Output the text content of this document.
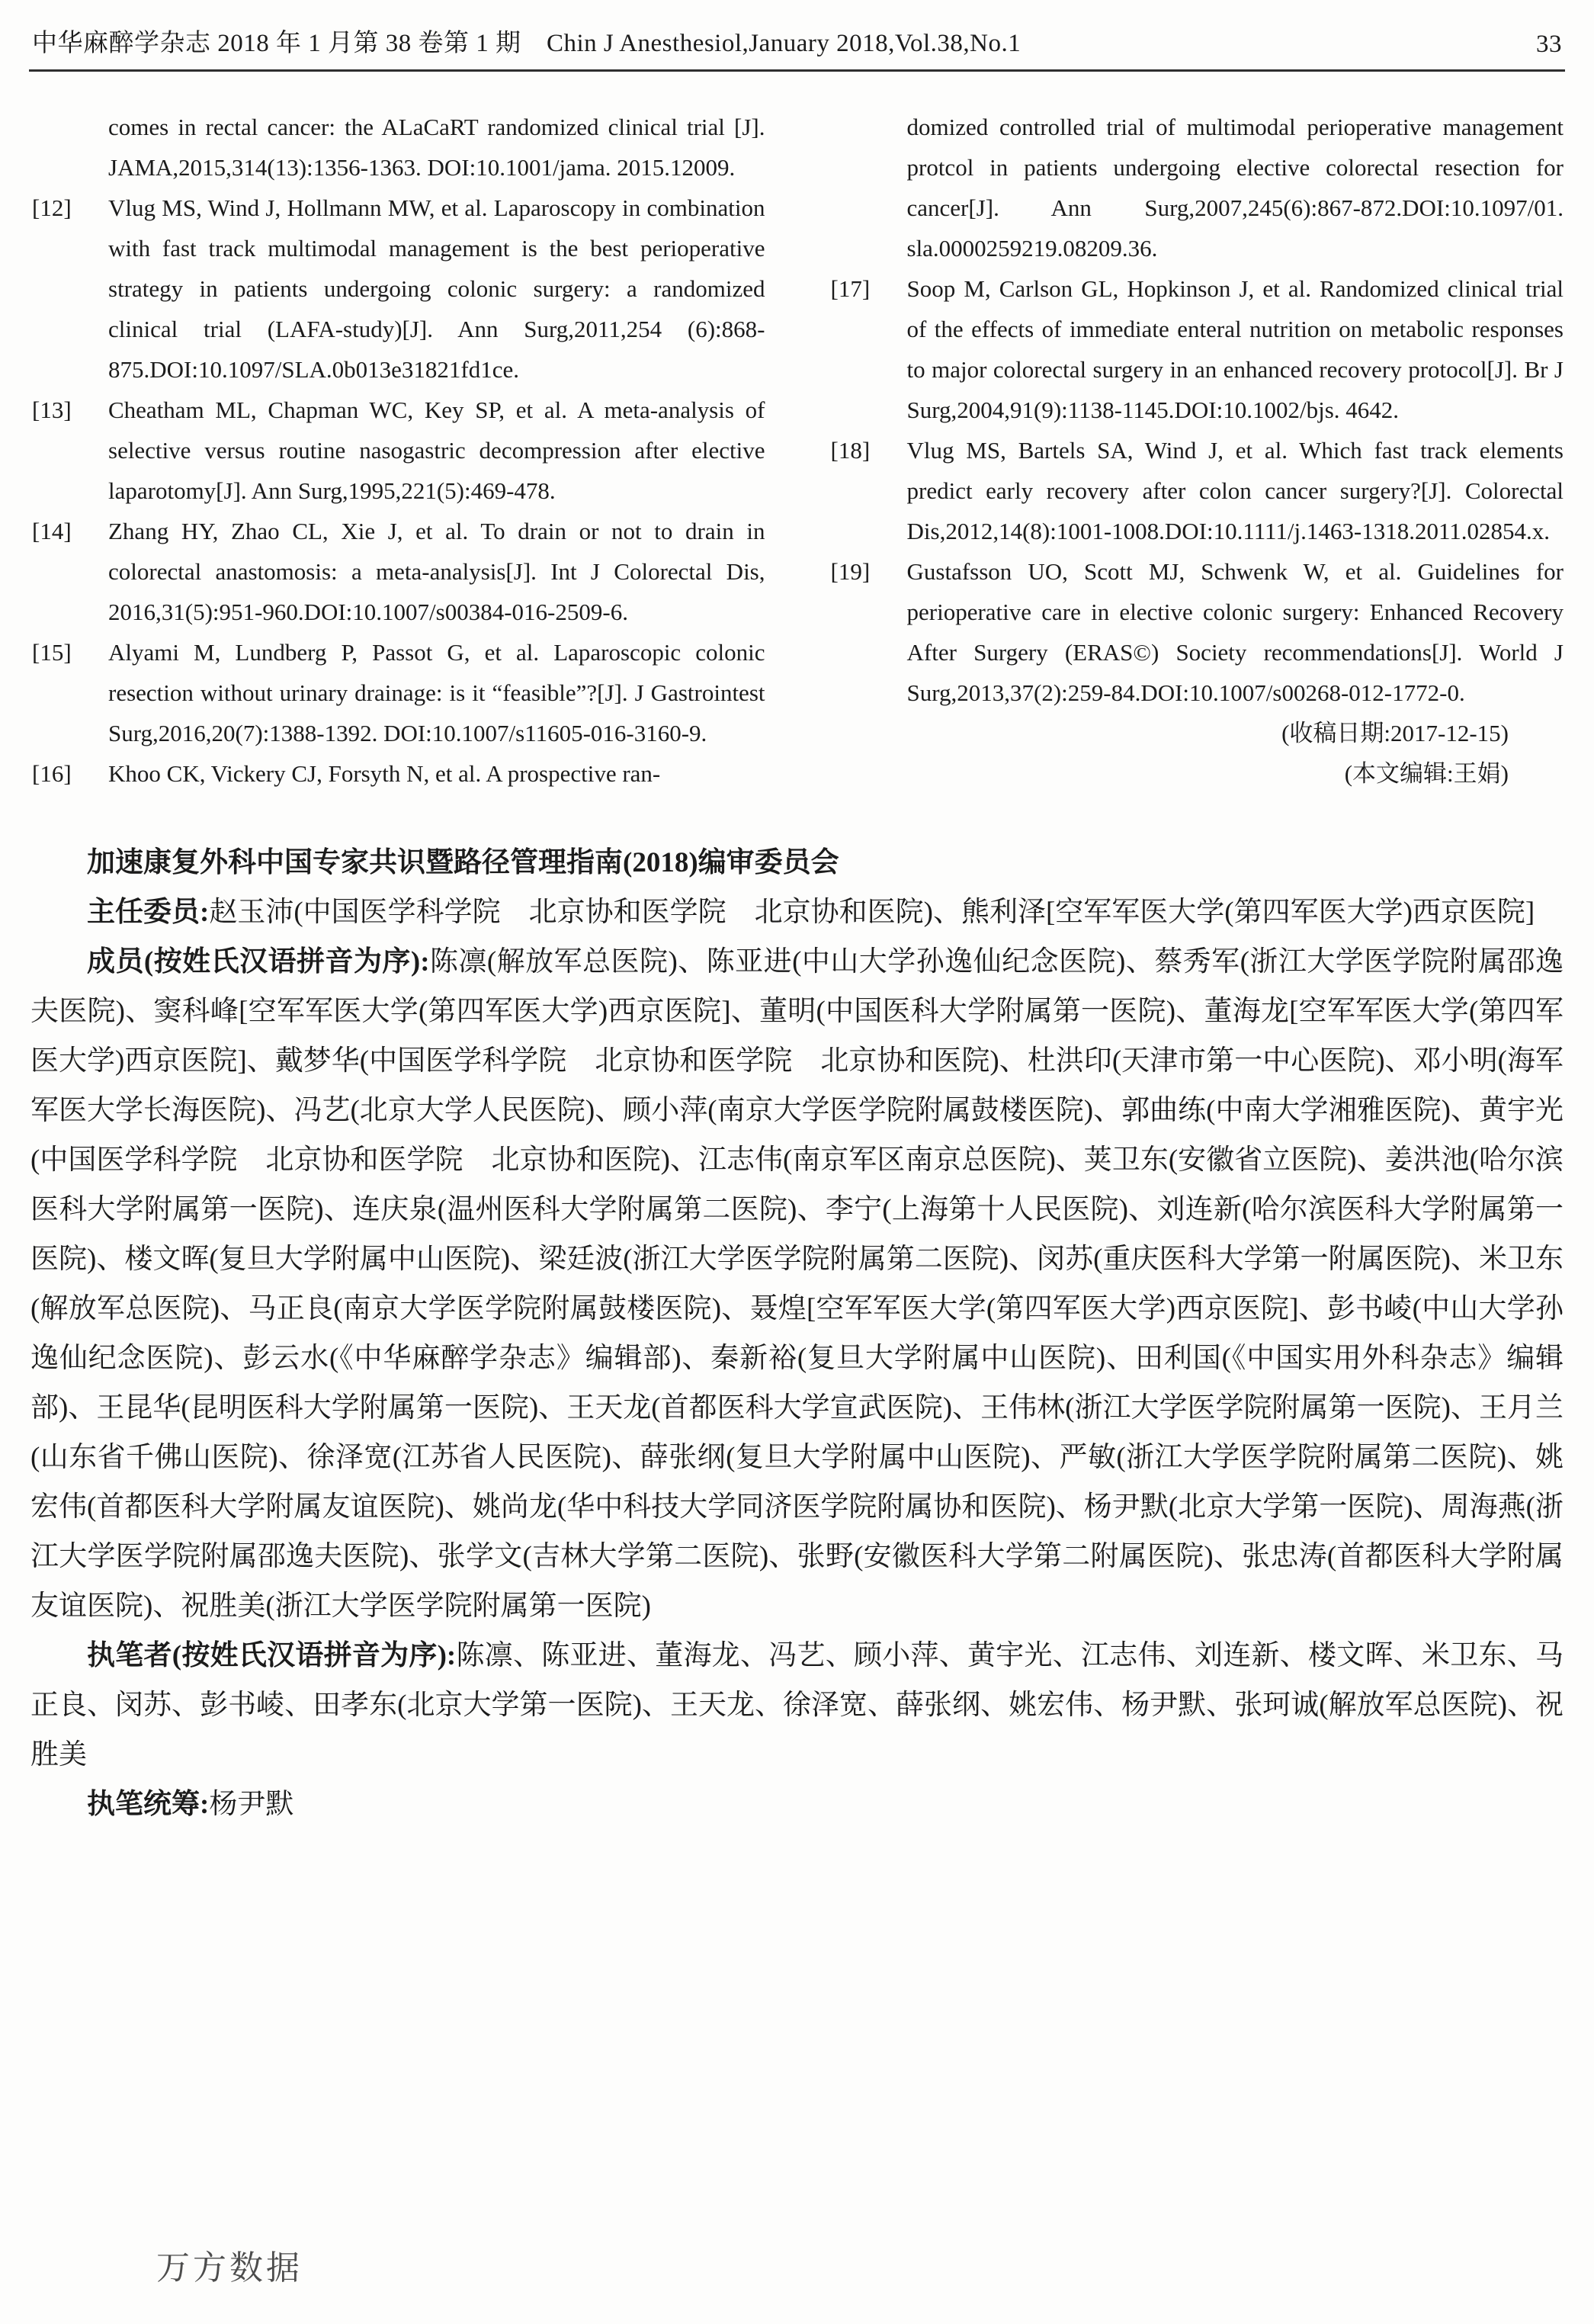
中华麻醉学杂志 2018 年 1 月第 38 卷第 1 期　Chin J Anesthesiol,January 2018,Vol.38,No.1	33
comes in rectal cancer: the ALaCaRT randomized clinical trial [J]. JAMA,2015,314(13):1356-1363. DOI:10.1001/jama. 2015.12009.
[12]	Vlug MS, Wind J, Hollmann MW, et al. Laparoscopy in combination with fast track multimodal management is the best perioperative strategy in patients undergoing colonic surgery: a randomized clinical trial (LAFA-study)[J]. Ann Surg,2011,254 (6):868-875.DOI:10.1097/SLA.0b013e31821fd1ce.
[13]	Cheatham ML, Chapman WC, Key SP, et al. A meta-analysis of selective versus routine nasogastric decompression after elective laparotomy[J]. Ann Surg,1995,221(5):469-478.
[14]	Zhang HY, Zhao CL, Xie J, et al. To drain or not to drain in colorectal anastomosis: a meta-analysis[J]. Int J Colorectal Dis, 2016,31(5):951-960.DOI:10.1007/s00384-016-2509-6.
[15]	Alyami M, Lundberg P, Passot G, et al. Laparoscopic colonic resection without urinary drainage: is it “feasible”?[J]. J Gastrointest Surg,2016,20(7):1388-1392. DOI:10.1007/s11605-016-3160-9.
[16]	Khoo CK, Vickery CJ, Forsyth N, et al. A prospective ran-
domized controlled trial of multimodal perioperative management protcol in patients undergoing elective colorectal resection for cancer[J]. Ann Surg,2007,245(6):867-872.DOI:10.1097/01. sla.0000259219.08209.36.
[17]	Soop M, Carlson GL, Hopkinson J, et al. Randomized clinical trial of the effects of immediate enteral nutrition on metabolic responses to major colorectal surgery in an enhanced recovery protocol[J]. Br J Surg,2004,91(9):1138-1145.DOI:10.1002/bjs. 4642.
[18]	Vlug MS, Bartels SA, Wind J, et al. Which fast track elements predict early recovery after colon cancer surgery?[J]. Colorectal Dis,2012,14(8):1001-1008.DOI:10.1111/j.1463-1318.2011.02854.x.
[19]	Gustafsson UO, Scott MJ, Schwenk W, et al. Guidelines for perioperative care in elective colonic surgery: Enhanced Recovery After Surgery (ERAS©) Society recommendations[J]. World J Surg,2013,37(2):259-84.DOI:10.1007/s00268-012-1772-0.
(收稿日期:2017-12-15)
(本文编辑:王娟)

加速康复外科中国专家共识暨路径管理指南(2018)编审委员会

主任委员:赵玉沛(中国医学科学院　北京协和医学院　北京协和医院)、熊利泽[空军军医大学(第四军医大学)西京医院]

成员(按姓氏汉语拼音为序):陈凛(解放军总医院)、陈亚进(中山大学孙逸仙纪念医院)、蔡秀军(浙江大学医学院附属邵逸夫医院)、窦科峰[空军军医大学(第四军医大学)西京医院]、董明(中国医科大学附属第一医院)、董海龙[空军军医大学(第四军医大学)西京医院]、戴梦华(中国医学科学院　北京协和医学院　北京协和医院)、杜洪印(天津市第一中心医院)、邓小明(海军军医大学长海医院)、冯艺(北京大学人民医院)、顾小萍(南京大学医学院附属鼓楼医院)、郭曲练(中南大学湘雅医院)、黄宇光(中国医学科学院　北京协和医学院　北京协和医院)、江志伟(南京军区南京总医院)、荚卫东(安徽省立医院)、姜洪池(哈尔滨医科大学附属第一医院)、连庆泉(温州医科大学附属第二医院)、李宁(上海第十人民医院)、刘连新(哈尔滨医科大学附属第一医院)、楼文晖(复旦大学附属中山医院)、梁廷波(浙江大学医学院附属第二医院)、闵苏(重庆医科大学第一附属医院)、米卫东(解放军总医院)、马正良(南京大学医学院附属鼓楼医院)、聂煌[空军军医大学(第四军医大学)西京医院]、彭书崚(中山大学孙逸仙纪念医院)、彭云水(《中华麻醉学杂志》编辑部)、秦新裕(复旦大学附属中山医院)、田利国(《中国实用外科杂志》编辑部)、王昆华(昆明医科大学附属第一医院)、王天龙(首都医科大学宣武医院)、王伟林(浙江大学医学院附属第一医院)、王月兰(山东省千佛山医院)、徐泽宽(江苏省人民医院)、薛张纲(复旦大学附属中山医院)、严敏(浙江大学医学院附属第二医院)、姚宏伟(首都医科大学附属友谊医院)、姚尚龙(华中科技大学同济医学院附属协和医院)、杨尹默(北京大学第一医院)、周海燕(浙江大学医学院附属邵逸夫医院)、张学文(吉林大学第二医院)、张野(安徽医科大学第二附属医院)、张忠涛(首都医科大学附属友谊医院)、祝胜美(浙江大学医学院附属第一医院)

执笔者(按姓氏汉语拼音为序):陈凛、陈亚进、董海龙、冯艺、顾小萍、黄宇光、江志伟、刘连新、楼文晖、米卫东、马正良、闵苏、彭书崚、田孝东(北京大学第一医院)、王天龙、徐泽宽、薛张纲、姚宏伟、杨尹默、张珂诚(解放军总医院)、祝胜美

执笔统筹:杨尹默

万方数据
